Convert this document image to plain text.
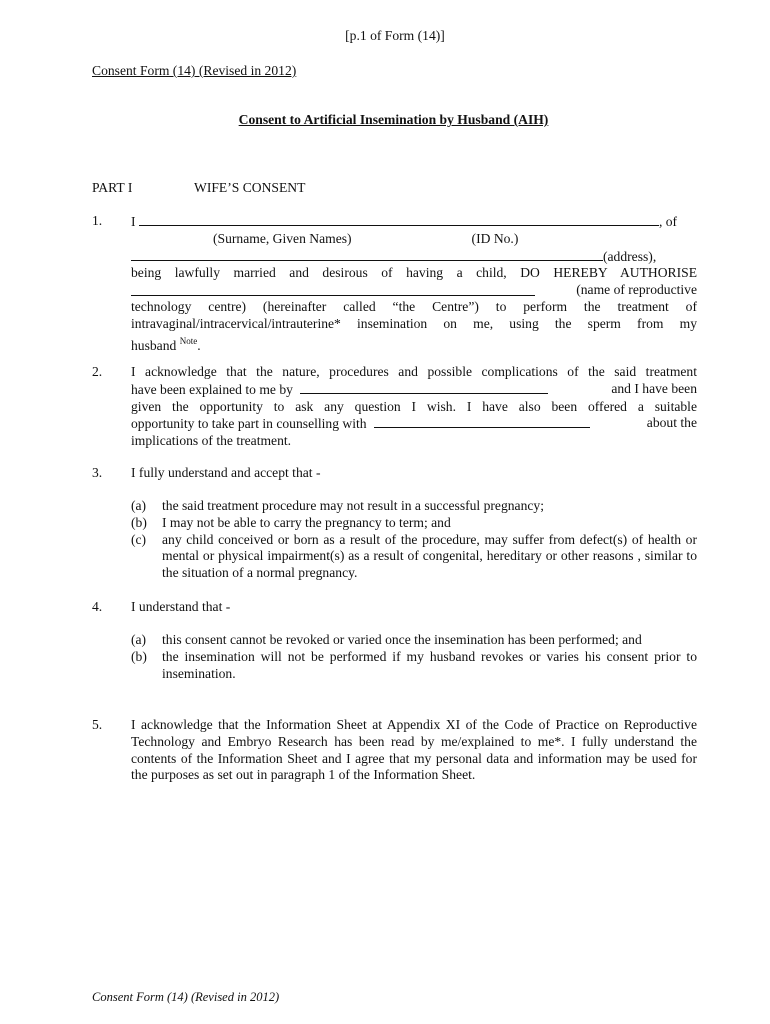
[p.1 of Form (14)]
Consent Form (14) (Revised in 2012)
Consent to Artificial Insemination by Husband (AIH)
PART I	WIFE’S CONSENT
1. I	, of
(Surname, Given Names)	(ID No.)
(address),
being lawfully married and desirous of having a child, DO HEREBY AUTHORISE
(name of reproductive
technology centre) (hereinafter called “the Centre”) to perform the treatment of
intravaginal/intracervical/intrauterine* insemination on me, using the sperm from my
husband $^{Note}$.
2. I acknowledge that the nature, procedures and possible complications of the said treatment
have been explained to me by	and I have been
given the opportunity to ask any question I wish. I have also been offered a suitable
opportunity to take part in counselling with	about the
implications of the treatment.
3. I fully understand and accept that -
(a) the said treatment procedure may not result in a successful pregnancy;
(b) I may not be able to carry the pregnancy to term; and
(c) any child conceived or born as a result of the procedure, may suffer from defect(s) of health or mental or physical impairment(s) as a result of congenital, hereditary or other reasons , similar to the situation of a normal pregnancy.
4. I understand that -
(a) this consent cannot be revoked or varied once the insemination has been performed; and
(b) the insemination will not be performed if my husband revokes or varies his consent prior to insemination.
5. I acknowledge that the Information Sheet at Appendix XI of the Code of Practice on Reproductive Technology and Embryo Research has been read by me/explained to me*. I fully understand the contents of the Information Sheet and I agree that my personal data and information may be used for the purposes as set out in paragraph 1 of the Information Sheet.
Consent Form (14) (Revised in 2012)
